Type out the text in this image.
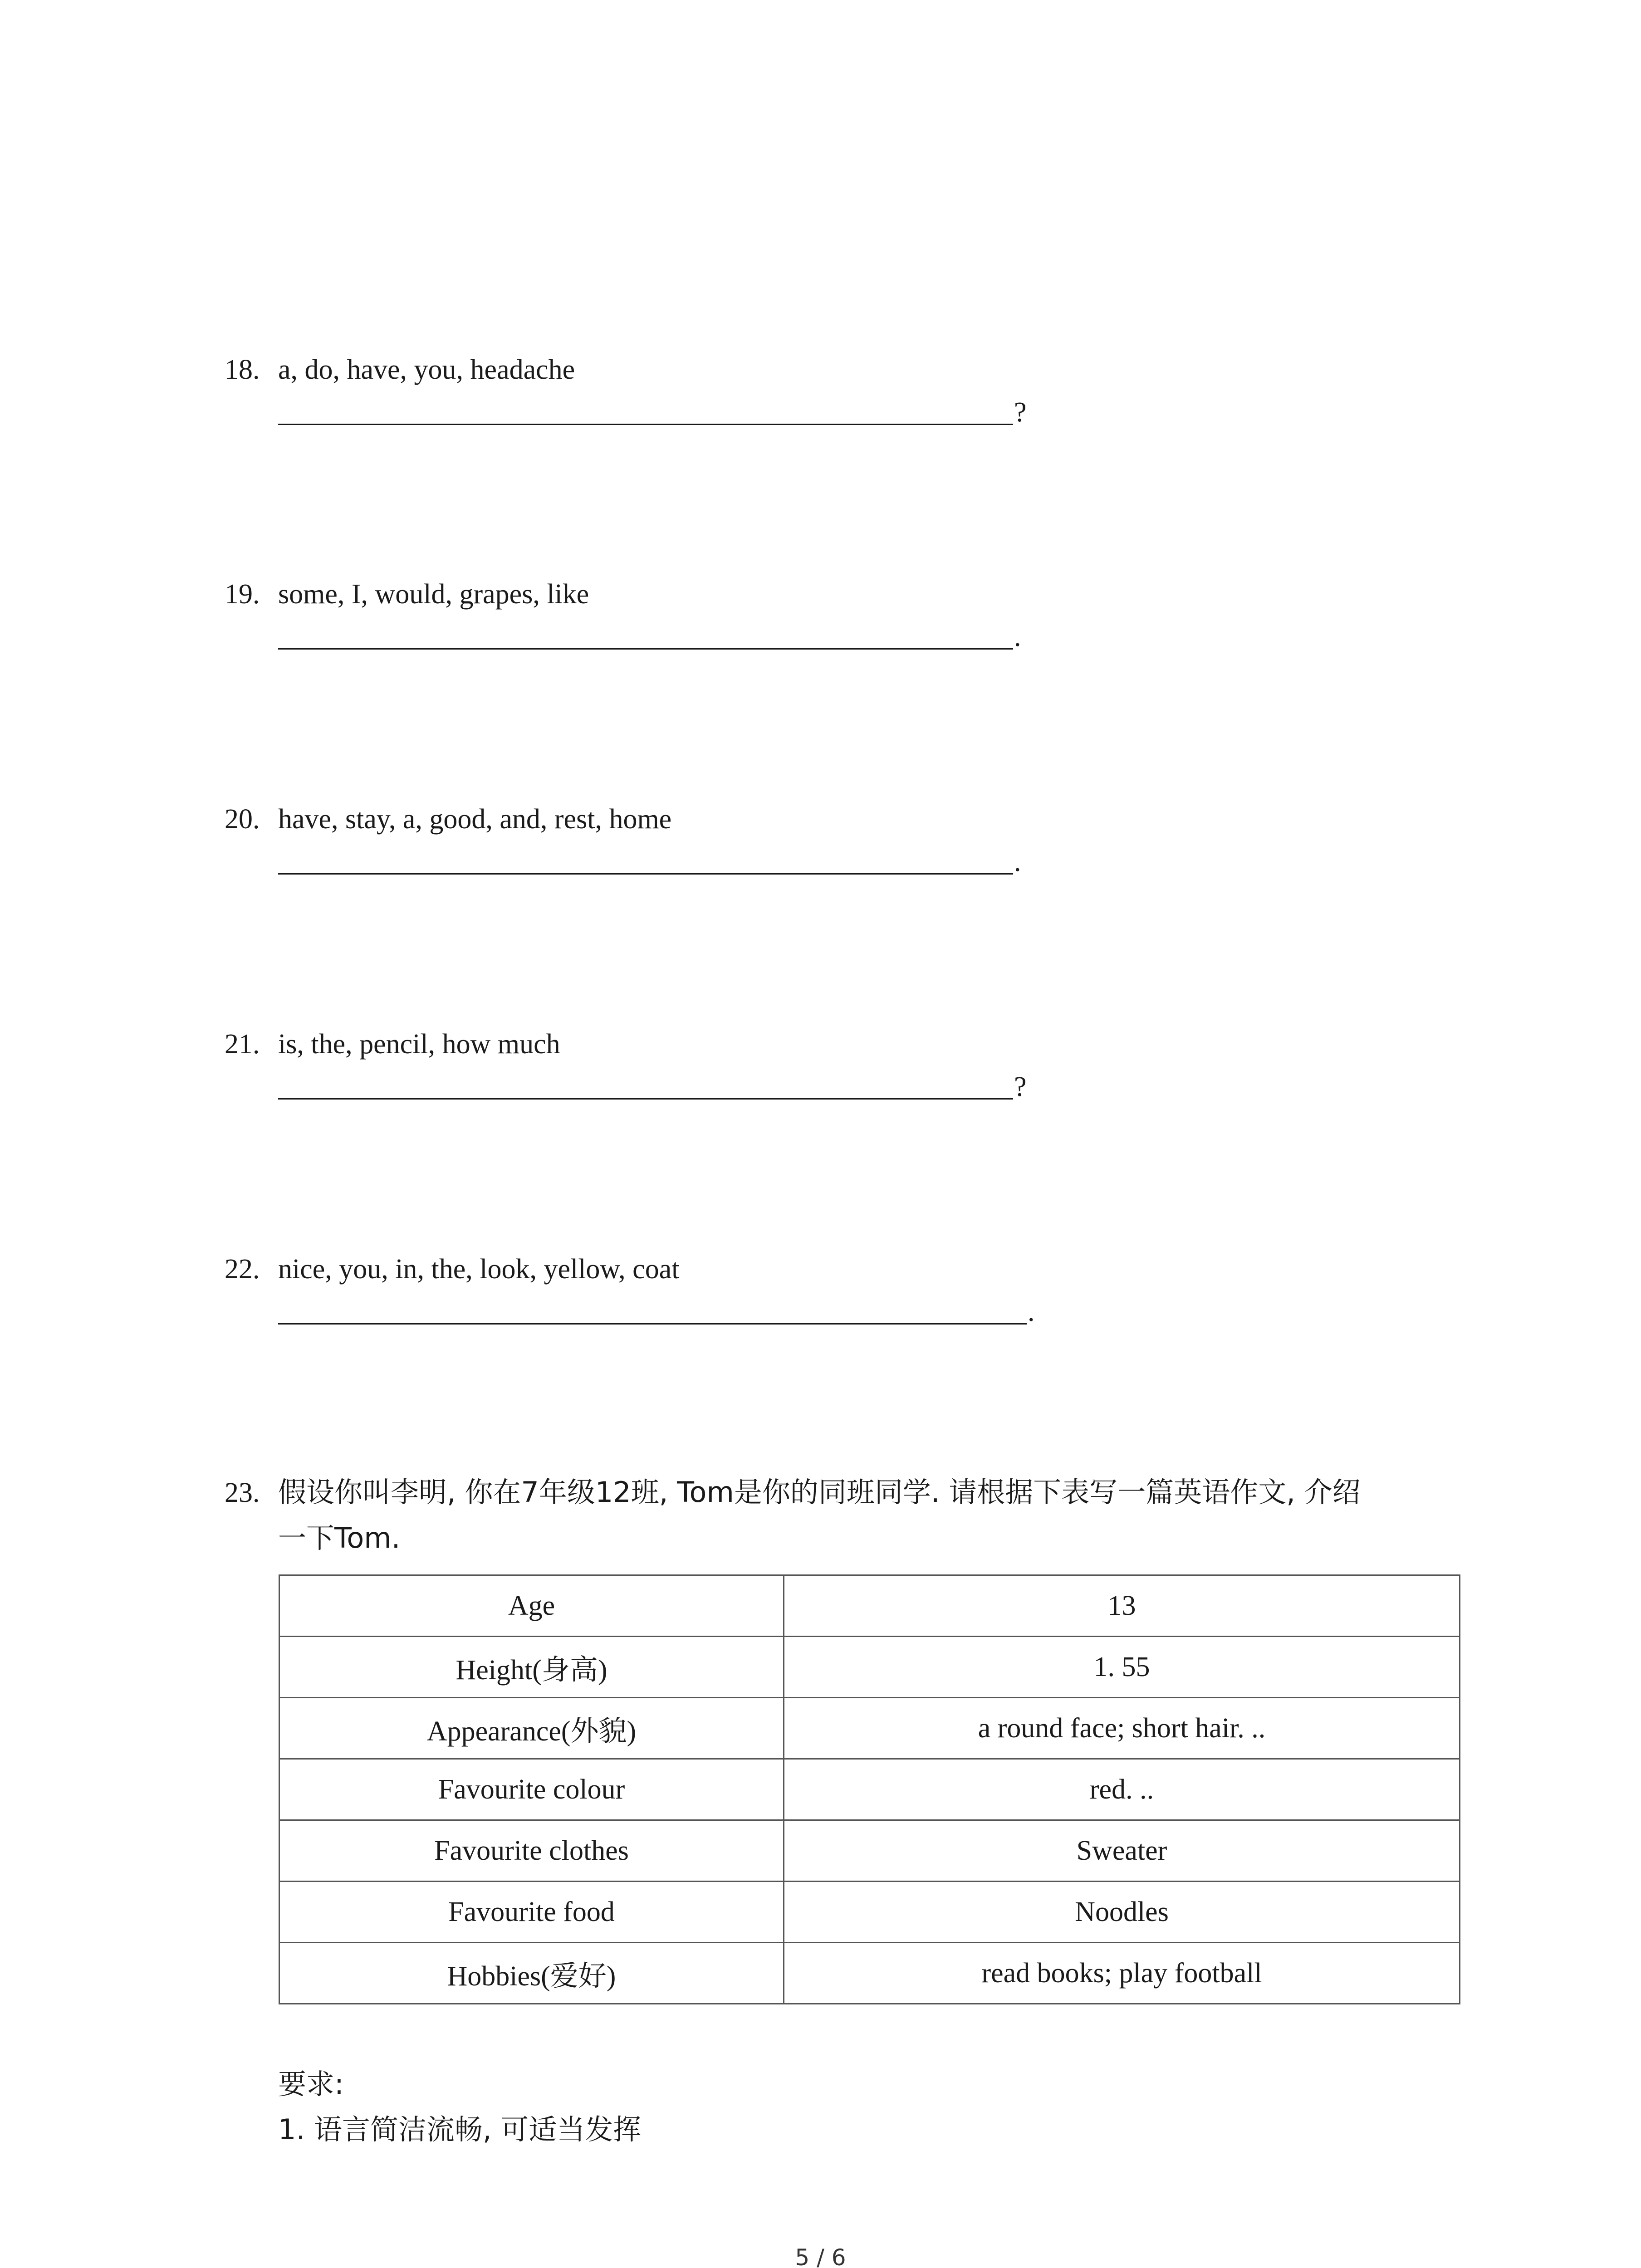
18. a, do, have, you, headache
?
19. some, I, would, grapes, like
.
20. have, stay, a, good, and, rest, home
.
21. is, the, pencil, how much
?
22. nice, you, in, the, look, yellow, coat
.
23. 假设你叫李明, 你在7年级12班, Tom是你的同班同学. 请根据下表写一篇英语作文, 介绍
一下Tom.
Age	13
Height(身高)	1. 55
Appearance(外貌)	a round face; short hair. ..
Favourite colour	red. ..
Favourite clothes	Sweater
Favourite food	Noodles
Hobbies(爱好)	read books; play football
要求:
1. 语言简洁流畅, 可适当发挥
5 / 6
